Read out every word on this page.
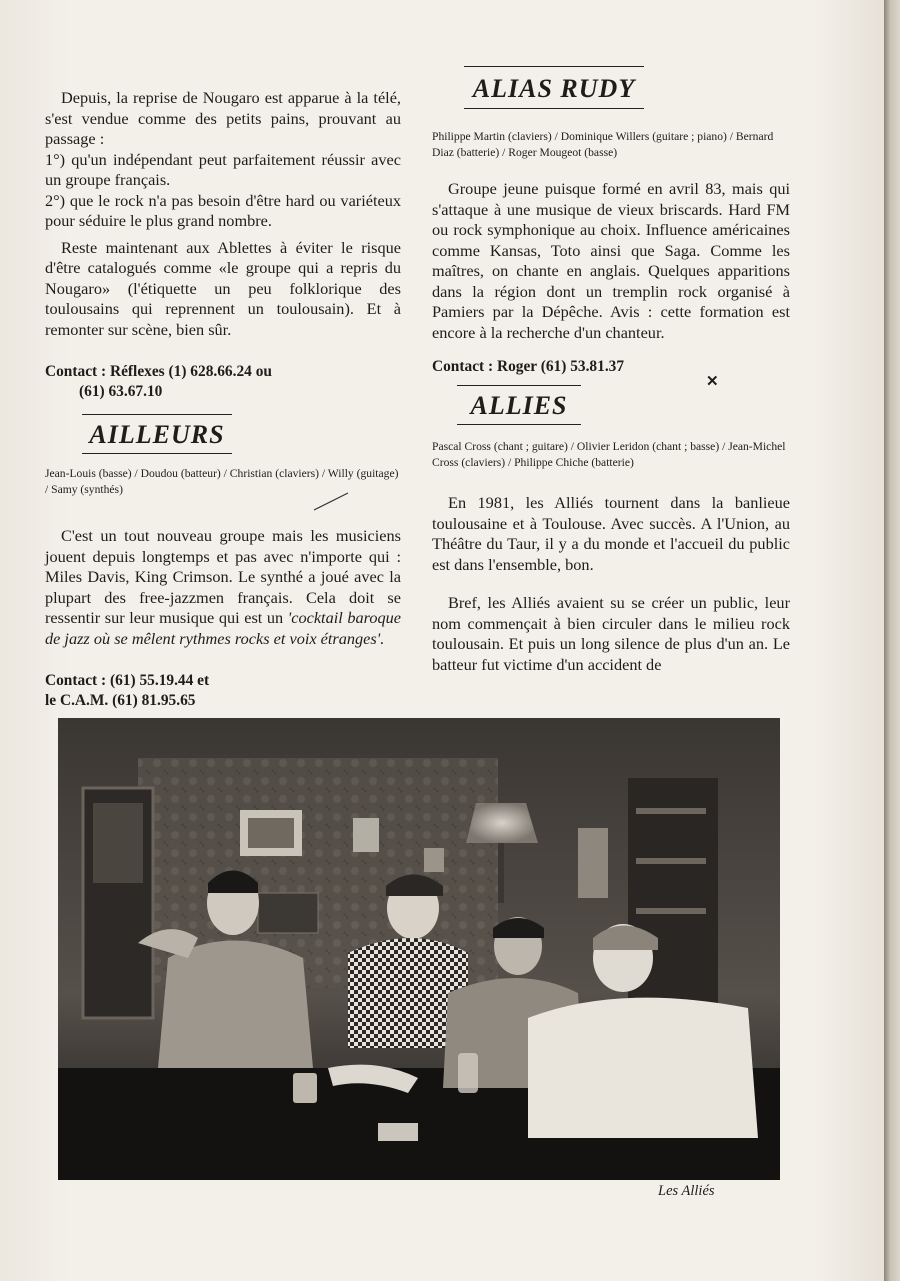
Depuis, la reprise de Nougaro est apparue à la télé, s'est vendue comme des petits pains, prouvant au passage :

1°) qu'un indépendant peut parfaitement réussir avec un groupe français.

2°) que le rock n'a pas besoin d'être hard ou variéteux pour séduire le plus grand nombre.

Reste maintenant aux Ablettes à éviter le risque d'être catalogués comme «le groupe qui a repris du Nougaro» (l'étiquette un peu folklorique des toulousains qui reprennent un toulousain). Et à remonter sur scène, bien sûr.

Contact : Réflexes (1) 628.66.24 ou
(61) 63.67.10

AILLEURS

Jean-Louis (basse) / Doudou (batteur) / Christian (claviers) / Willy (guitage) / Samy (synthés)

C'est un tout nouveau groupe mais les musiciens jouent depuis longtemps et pas avec n'importe qui : Miles Davis, King Crimson. Le synthé a joué avec la plupart des free-jazzmen français. Cela doit se ressentir sur leur musique qui est un 'cocktail baroque de jazz où se mêlent rythmes rocks et voix étranges'.

Contact : (61) 55.19.44 et
le C.A.M. (61) 81.95.65

ALIAS RUDY

Philippe Martin (claviers) / Dominique Willers (guitare ; piano) / Bernard Diaz (batterie) / Roger Mougeot (basse)

Groupe jeune puisque formé en avril 83, mais qui s'attaque à une musique de vieux briscards. Hard FM ou rock symphonique au choix. Influence américaines comme Kansas, Toto ainsi que Saga. Comme les maîtres, on chante en anglais. Quelques apparitions dans la région dont un tremplin rock organisé à Pamiers par la Dépêche. Avis : cette formation est encore à la recherche d'un chanteur.

Contact : Roger (61) 53.81.37

ALLIES

Pascal Cross (chant ; guitare) / Olivier Leridon (chant ; basse) / Jean-Michel Cross (claviers) / Philippe Chiche (batterie)

En 1981, les Alliés tournent dans la banlieue toulousaine et à Toulouse. Avec succès. A l'Union, au Théâtre du Taur, il y a du monde et l'accueil du public est dans l'ensemble, bon.

Bref, les Alliés avaient su se créer un public, leur nom commençait à bien circuler dans le milieu rock toulousain. Et puis un long silence de plus d'un an. Le batteur fut victime d'un accident de

✕
Les Alliés
